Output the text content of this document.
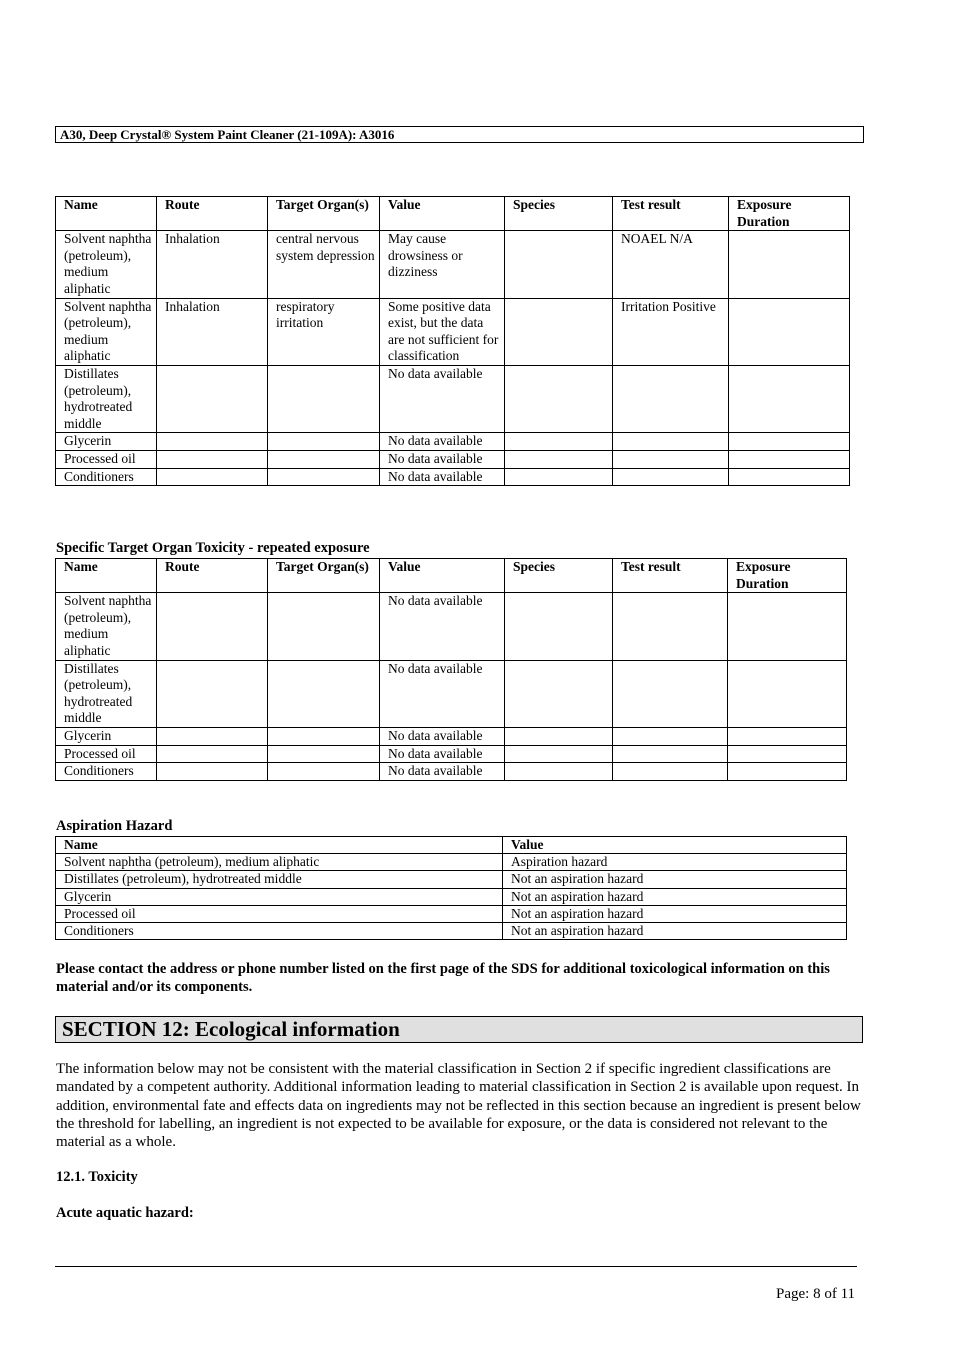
A30, Deep Crystal® System Paint Cleaner (21-109A): A3016
Name	Route	Target Organ(s)	Value	Species	Test result	Exposure Duration
Solvent naphtha (petroleum), medium aliphatic	Inhalation	central nervous system depression	May cause drowsiness or dizziness		NOAEL N/A	
Solvent naphtha (petroleum), medium aliphatic	Inhalation	respiratory irritation	Some positive data exist, but the data are not sufficient for classification		Irritation Positive	
Distillates (petroleum), hydrotreated middle			No data available			
Glycerin			No data available			
Processed oil			No data available			
Conditioners			No data available			
Specific Target Organ Toxicity - repeated exposure
Name	Route	Target Organ(s)	Value	Species	Test result	Exposure Duration
Solvent naphtha (petroleum), medium aliphatic			No data available			
Distillates (petroleum), hydrotreated middle			No data available			
Glycerin			No data available			
Processed oil			No data available			
Conditioners			No data available			
Aspiration Hazard
Name	Value
Solvent naphtha (petroleum), medium aliphatic	Aspiration hazard
Distillates (petroleum), hydrotreated middle	Not an aspiration hazard
Glycerin	Not an aspiration hazard
Processed oil	Not an aspiration hazard
Conditioners	Not an aspiration hazard
Please contact the address or phone number listed on the first page of the SDS for additional toxicological information on this material and/or its components.
SECTION 12: Ecological information
The information below may not be consistent with the material classification in Section 2 if specific ingredient classifications are mandated by a competent authority. Additional information leading to material classification in Section 2 is available upon request. In addition, environmental fate and effects data on ingredients may not be reflected in this section because an ingredient is present below the threshold for labelling, an ingredient is not expected to be available for exposure, or the data is considered not relevant to the material as a whole.
12.1. Toxicity
Acute aquatic hazard:
Page: 8 of 11
